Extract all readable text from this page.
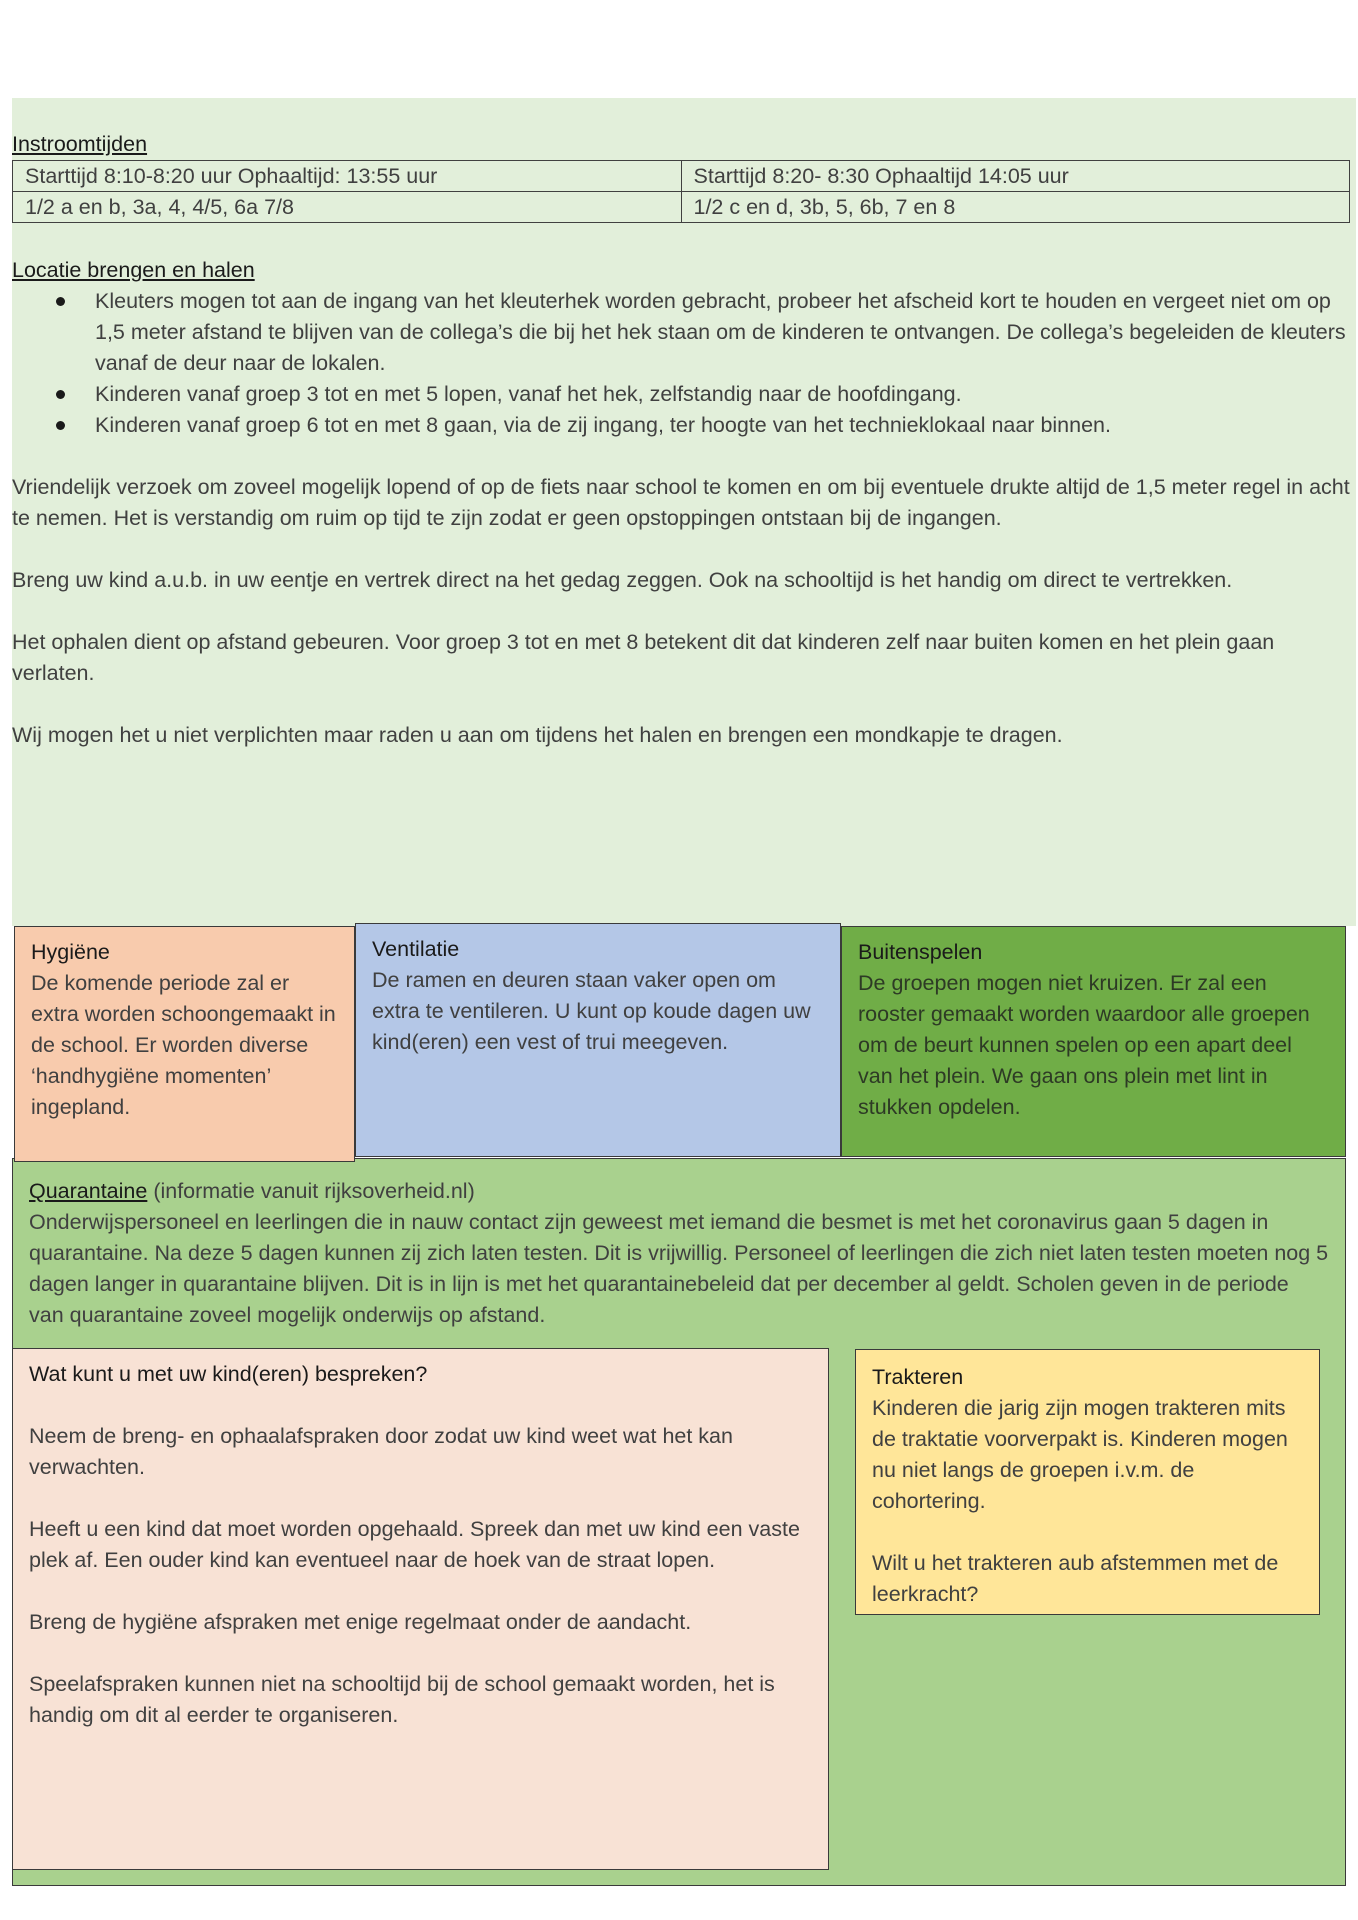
Instroomtijden
Starttijd 8:10-8:20 uur Ophaaltijd: 13:55 uur	Starttijd 8:20- 8:30 Ophaaltijd 14:05 uur
1/2 a en b, 3a, 4, 4/5, 6a 7/8	1/2 c en d, 3b, 5, 6b, 7 en 8
Locatie brengen en halen
Kleuters mogen tot aan de ingang van het kleuterhek worden gebracht, probeer het afscheid kort te houden en vergeet niet om op 1,5 meter afstand te blijven van de collega’s die bij het hek staan om de kinderen te ontvangen. De collega’s begeleiden de kleuters vanaf de deur naar de lokalen.
Kinderen vanaf groep 3 tot en met 5 lopen, vanaf het hek, zelfstandig naar de hoofdingang.
Kinderen vanaf groep 6 tot en met 8 gaan, via de zij ingang, ter hoogte van het technieklokaal naar binnen.

Vriendelijk verzoek om zoveel mogelijk lopend of op de fiets naar school te komen en om bij eventuele drukte altijd de 1,5 meter regel in acht te nemen. Het is verstandig om ruim op tijd te zijn zodat er geen opstoppingen ontstaan bij de ingangen.

Breng uw kind a.u.b. in uw eentje en vertrek direct na het gedag zeggen. Ook na schooltijd is het handig om direct te vertrekken.

Het ophalen dient op afstand gebeuren. Voor groep 3 tot en met 8 betekent dit dat kinderen zelf naar buiten komen en het plein gaan verlaten.

Wij mogen het u niet verplichten maar raden u aan om tijdens het halen en brengen een mondkapje te dragen.

Quarantaine (informatie vanuit rijksoverheid.nl)
Onderwijspersoneel en leerlingen die in nauw contact zijn geweest met iemand die besmet is met het coronavirus gaan 5 dagen in quarantaine. Na deze 5 dagen kunnen zij zich laten testen. Dit is vrijwillig. Personeel of leerlingen die zich niet laten testen moeten nog 5 dagen langer in quarantaine blijven. Dit is in lijn is met het quarantainebeleid dat per december al geldt. Scholen geven in de periode van quarantaine zoveel mogelijk onderwijs op afstand.
Hygiëne
De komende periode zal er extra worden schoongemaakt in de school. Er worden diverse ‘handhygiëne momenten’ ingepland.
Ventilatie
De ramen en deuren staan vaker open om extra te ventileren. U kunt op koude dagen uw kind(eren) een vest of trui meegeven.
Buitenspelen
De groepen mogen niet kruizen. Er zal een rooster gemaakt worden waardoor alle groepen om de beurt kunnen spelen op een apart deel van het plein. We gaan ons plein met lint in stukken opdelen.
Wat kunt u met uw kind(eren) bespreken?

Neem de breng- en ophaalafspraken door zodat uw kind weet wat het kan verwachten.

Heeft u een kind dat moet worden opgehaald. Spreek dan met uw kind een vaste plek af. Een ouder kind kan eventueel naar de hoek van de straat lopen.

Breng de hygiëne afspraken met enige regelmaat onder de aandacht.

Speelafspraken kunnen niet na schooltijd bij de school gemaakt worden, het is handig om dit al eerder te organiseren.

Trakteren

Kinderen die jarig zijn mogen trakteren mits de traktatie voorverpakt is. Kinderen mogen nu niet langs de groepen i.v.m. de cohortering.

Wilt u het trakteren aub afstemmen met de leerkracht?
